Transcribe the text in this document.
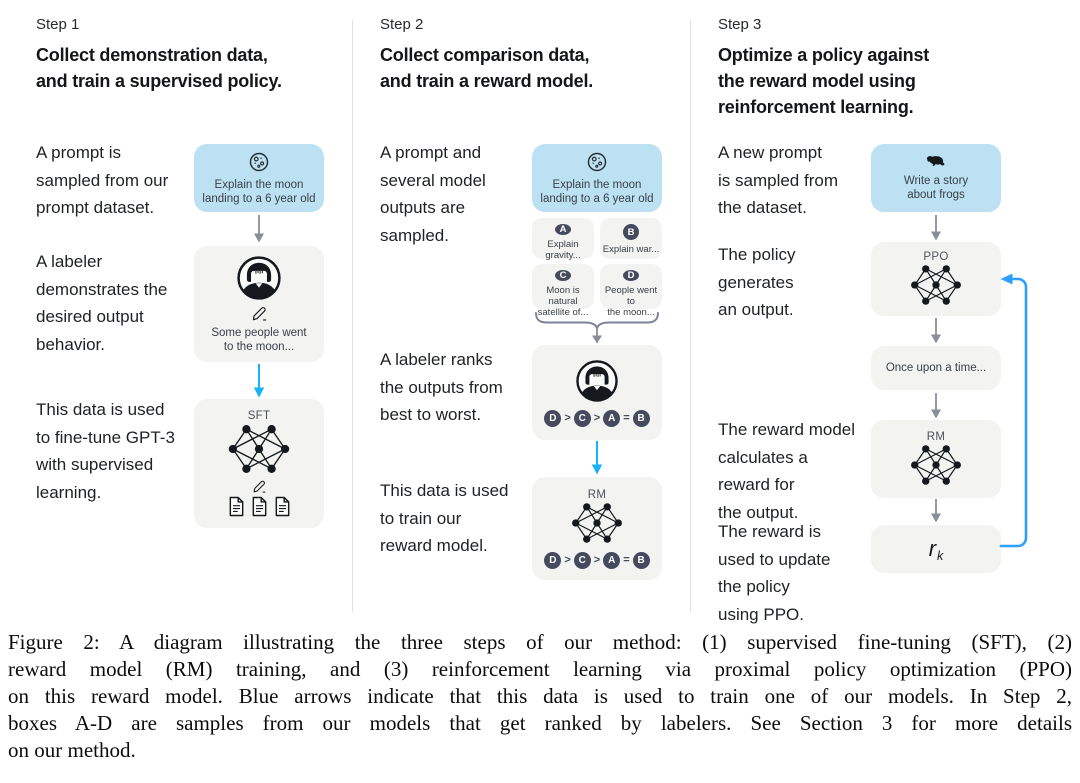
Step 1
Collect demonstration data,
and train a supervised policy.
A prompt is
sampled from our
prompt dataset.
A labeler
demonstrates the
desired output
behavior.
This data is used
to fine-tune GPT-3
with supervised
learning.
Explain the moon
landing to a 6 year old
Some people went
to the moon...
SFT
Step 2
Collect comparison data,
and train a reward model.
A prompt and
several model
outputs are
sampled.
A labeler ranks
the outputs from
best to worst.
This data is used
to train our
reward model.
Explain the moon
landing to a 6 year old
A
Explain gravity...
B
Explain war...
C
Moon is natural
satellite of...
D
People went to
the moon...
D > C > A = B
RM
D > C > A = B
Step 3
Optimize a policy against
the reward model using
reinforcement learning.
A new prompt
is sampled from
the dataset.
The policy
generates
an output.
The reward model
calculates a
reward for
the output.
The reward is
used to update
the policy
using PPO.
Write a story
about frogs
PPO
Once upon a time...
RM
r k
Figure 2: A diagram illustrating the three steps of our method: (1) supervised fine-tuning (SFT), (2)
reward model (RM) training, and (3) reinforcement learning via proximal policy optimization (PPO)
on this reward model. Blue arrows indicate that this data is used to train one of our models. In Step 2,
boxes A-D are samples from our models that get ranked by labelers. See Section 3 for more details
on our method.
